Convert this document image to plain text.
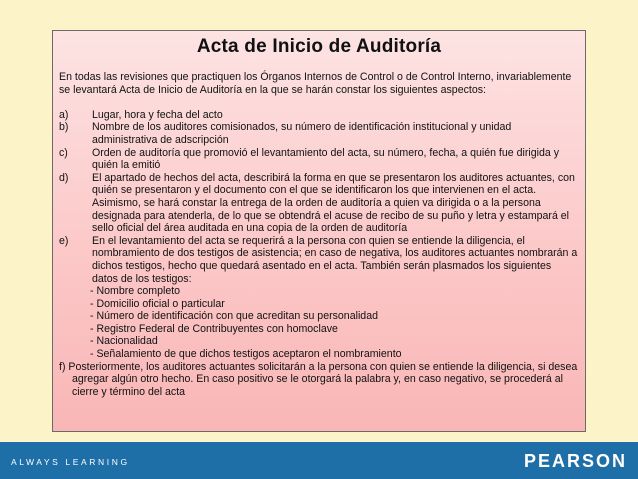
Acta de Inicio de Auditoría

En todas las revisiones que practiquen los Órganos Internos de Control o de Control Interno, invariablemente se levantará Acta de Inicio de Auditoría en la que se harán constar los siguientes aspectos:

a)	Lugar, hora y fecha del acto
b)	Nombre de los auditores comisionados, su número de identificación institucional y unidad administrativa de adscripción
c)	Orden de auditoría que promovió el levantamiento del acta, su número, fecha, a quién fue dirigida y quién la emitió
d)	El apartado de hechos del acta, describirá la forma en que se presentaron los auditores actuantes, con quién se presentaron y el documento con el que se identificaron los que intervienen en el acta. Asimismo, se hará constar la entrega de la orden de auditoría a quien va dirigida o a la persona designada para atenderla, de lo que se obtendrá el acuse de recibo de su puño y letra y estampará el sello oficial del área auditada en una copia de la orden de auditoría
e)	En el levantamiento del acta se requerirá a la persona con quien se entiende la diligencia, el nombramiento de dos testigos de asistencia; en caso de negativa, los auditores actuantes nombrarán a dichos testigos, hecho que quedará asentado en el acta. También serán plasmados los siguientes datos de los testigos:
- Nombre completo
- Domicilio oficial o particular
- Número de identificación con que acreditan su personalidad
- Registro Federal de Contribuyentes con homoclave
- Nacionalidad
- Señalamiento de que dichos testigos aceptaron el nombramiento

f) Posteriormente, los auditores actuantes solicitarán a la persona con quien se entiende la diligencia, si desea agregar algún otro hecho. En caso positivo se le otorgará la palabra y, en caso negativo, se procederá al cierre y término del acta

ALWAYS LEARNING	PEARSON
